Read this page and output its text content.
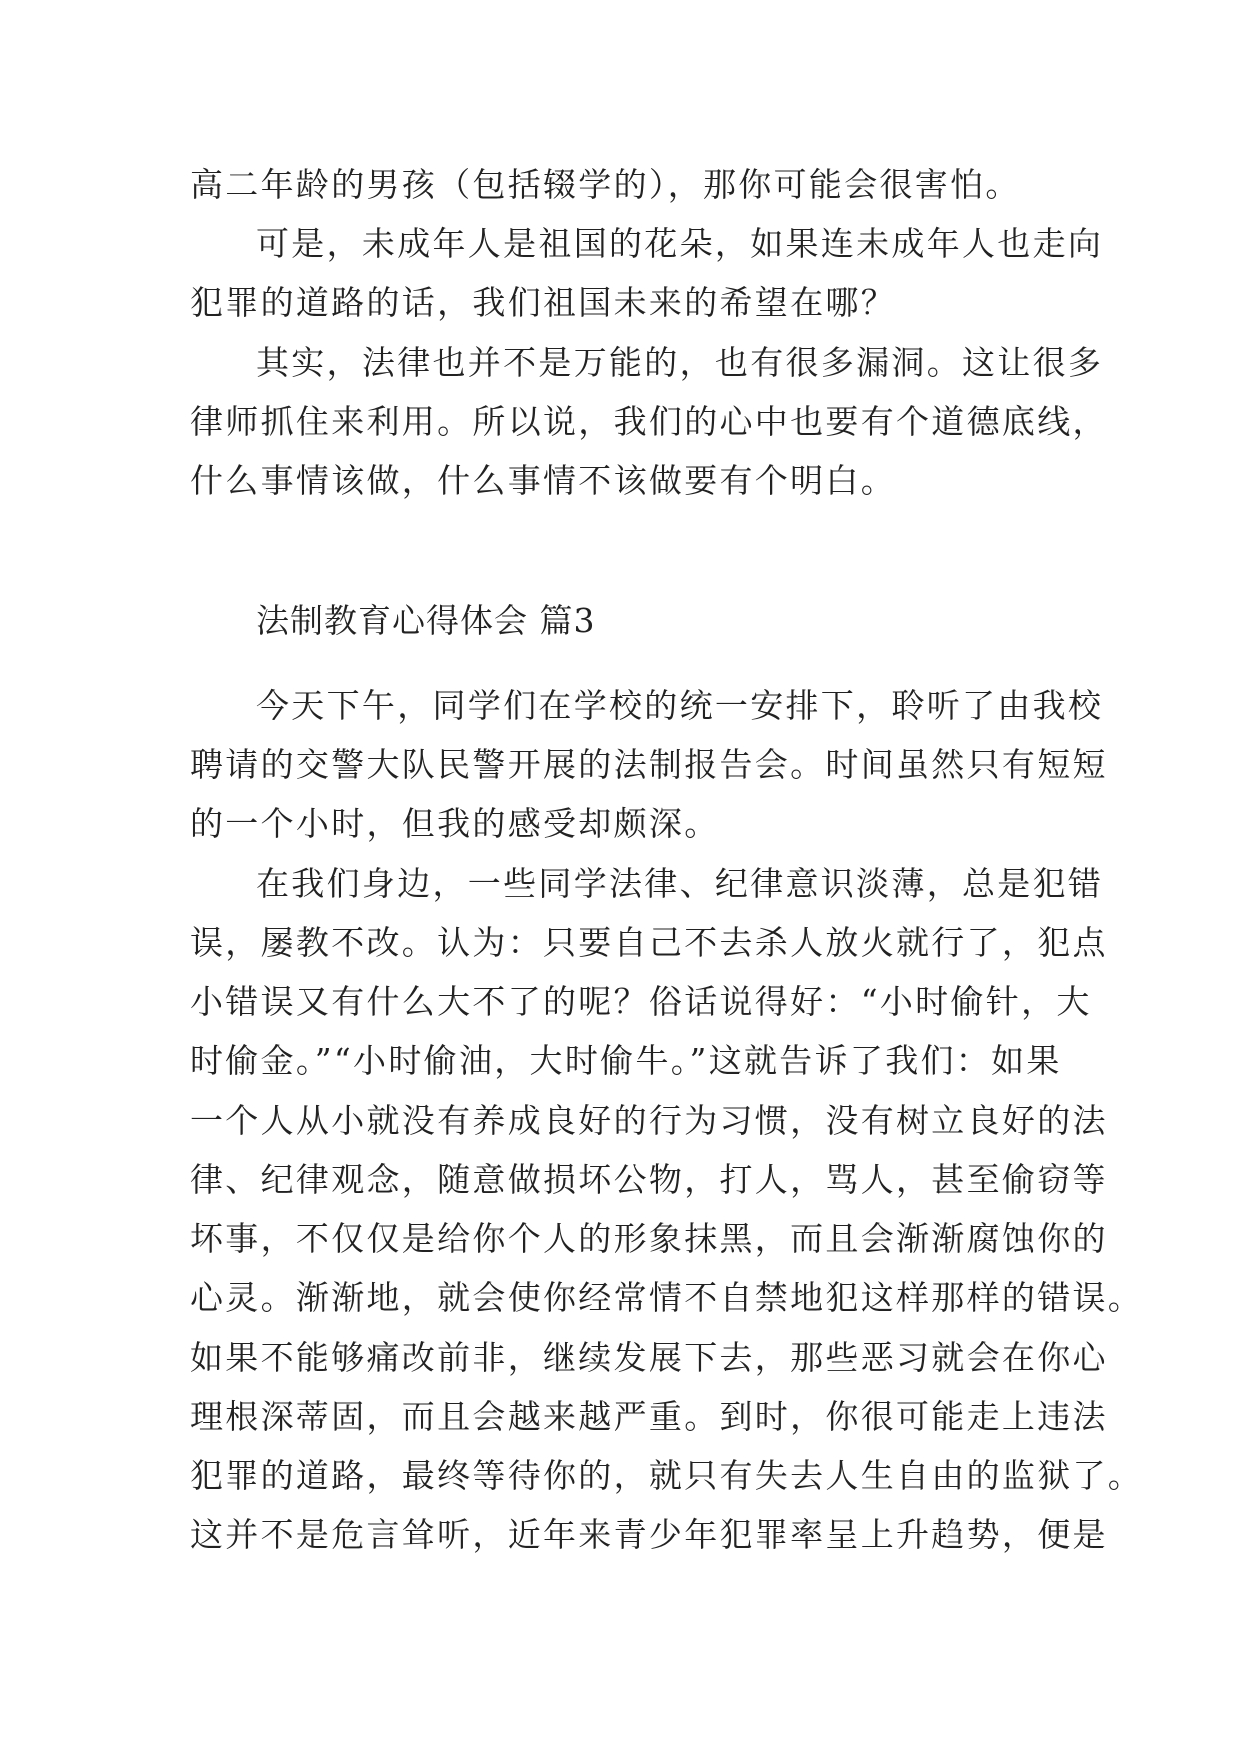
高二年龄的男孩（包括辍学的），那你可能会很害怕。
可是，未成年人是祖国的花朵，如果连未成年人也走向
犯罪的道路的话，我们祖国未来的希望在哪？
其实，法律也并不是万能的，也有很多漏洞。这让很多
律师抓住来利用。所以说，我们的心中也要有个道德底线，
什么事情该做，什么事情不该做要有个明白。
法制教育心得体会 篇3
今天下午，同学们在学校的统一安排下，聆听了由我校
聘请的交警大队民警开展的法制报告会。时间虽然只有短短
的一个小时，但我的感受却颇深。
在我们身边，一些同学法律、纪律意识淡薄，总是犯错
误，屡教不改。认为：只要自己不去杀人放火就行了，犯点
小错误又有什么大不了的呢？俗话说得好：“小时偷针，大
时偷金。”“小时偷油，大时偷牛。”这就告诉了我们：如果
一个人从小就没有养成良好的行为习惯，没有树立良好的法
律、纪律观念，随意做损坏公物，打人，骂人，甚至偷窃等
坏事，不仅仅是给你个人的形象抹黑，而且会渐渐腐蚀你的
心灵。渐渐地，就会使你经常情不自禁地犯这样那样的错误。
如果不能够痛改前非，继续发展下去，那些恶习就会在你心
理根深蒂固，而且会越来越严重。到时，你很可能走上违法
犯罪的道路，最终等待你的，就只有失去人生自由的监狱了。
这并不是危言耸听，近年来青少年犯罪率呈上升趋势，便是
